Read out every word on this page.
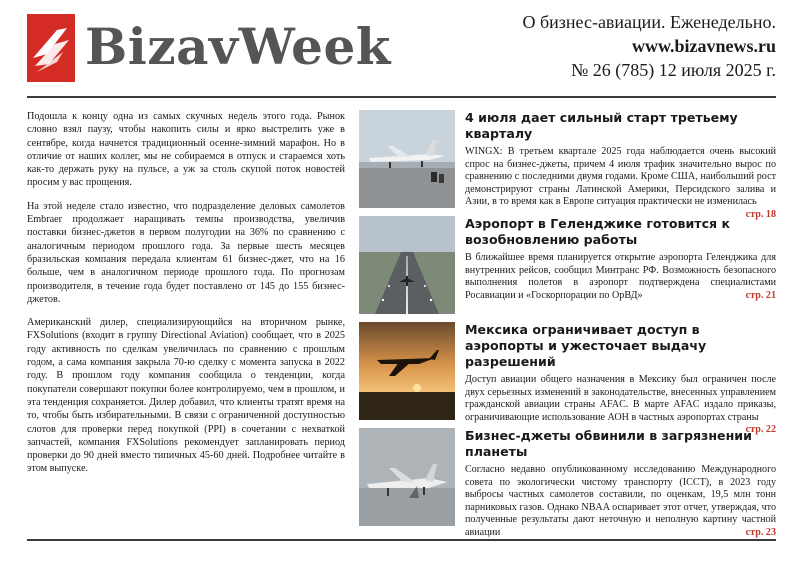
BizavWeek	О бизнес-авиации. Еженедельно.
www.bizavnews.ru
№ 26 (785) 12 июля 2025 г.

Подошла к концу одна из самых скучных недель этого года. Рынок словно взял паузу, чтобы накопить силы и ярко выстрелить уже в сентябре, когда начнется традиционный осенне-зимний марафон. Но в отличие от наших коллег, мы не собираемся в отпуск и стараемся хоть как-то держать руку на пульсе, а уж за столь скупой поток новостей просим у вас прощения.

На этой неделе стало известно, что подразделение деловых самолетов Embraer продолжает наращивать темпы производства, увеличив поставки бизнес-джетов в первом полугодии на 36% по сравнению с аналогичным периодом прошлого года. За первые шесть месяцев бразильская компания передала клиентам 61 бизнес-джет, что на 16 больше, чем в аналогичном периоде прошлого года. По прогнозам производителя, в течение года будет поставлено от 145 до 155 бизнес-джетов.

Американский дилер, специализирующийся на вторичном рынке, FXSolutions (входит в группу Directional Aviation) сообщает, что в 2025 году активность по сделкам увеличилась по сравнению с прошлым годом, а сама компания закрыла 70-ю сделку с момента запуска в 2022 году. В прошлом году компания сообщила о тенденции, когда покупатели совершают покупки более контролируемо, чем в прошлом, и эта тенденция сохраняется. Дилер добавил, что клиенты тратят время на то, чтобы быть избирательными. В связи с ограниченной доступностью слотов для проверки перед покупкой (PPI) в сочетании с нехваткой запчастей, компания FXSolutions рекомендует запланировать период проверки до 90 дней вместо типичных 45-60 дней. Подробнее читайте в этом выпуске.

4 июля дает сильный старт третьему кварталу

WINGX: В третьем квартале 2025 года наблюдается очень высокий спрос на бизнес-джеты, причем 4 июля трафик значительно вырос по сравнению с последними двумя годами. Кроме США, наибольший рост демонстрируют страны Латинской Америки, Персидского залива и Азии, в то время как в Европе ситуация практически не изменилась
стр. 18

Аэропорт в Геленджике готовится к возобновлению работы

В ближайшее время планируется открытие аэропорта Геленджика для внутренних рейсов, сообщил Минтранс РФ. Возможность безопасного выполнения полетов в аэропорт подтверждена специалистами Росавиации и «Госкорпорации по ОрВД»	стр. 21

Мексика ограничивает доступ в аэропорты и ужесточает выдачу разрешений

Доступ авиации общего назначения в Мексику был ограничен после двух серьезных изменений в законодательстве, внесенных управлением гражданской авиации страны AFAC. В марте AFAC издало приказы, ограничивающие использование АОН в частных аэропортах страны
стр. 22

Бизнес-джеты обвинили в загрязнении планеты

Согласно недавно опубликованному исследованию Международного совета по экологически чистому транспорту (ICCT), в 2023 году выбросы частных самолетов составили, по оценкам, 19,5 млн тонн парниковых газов. Однако NBAA оспаривает этот отчет, утверждая, что полученные результаты дают неточную и неполную картину частной авиации	стр. 23
